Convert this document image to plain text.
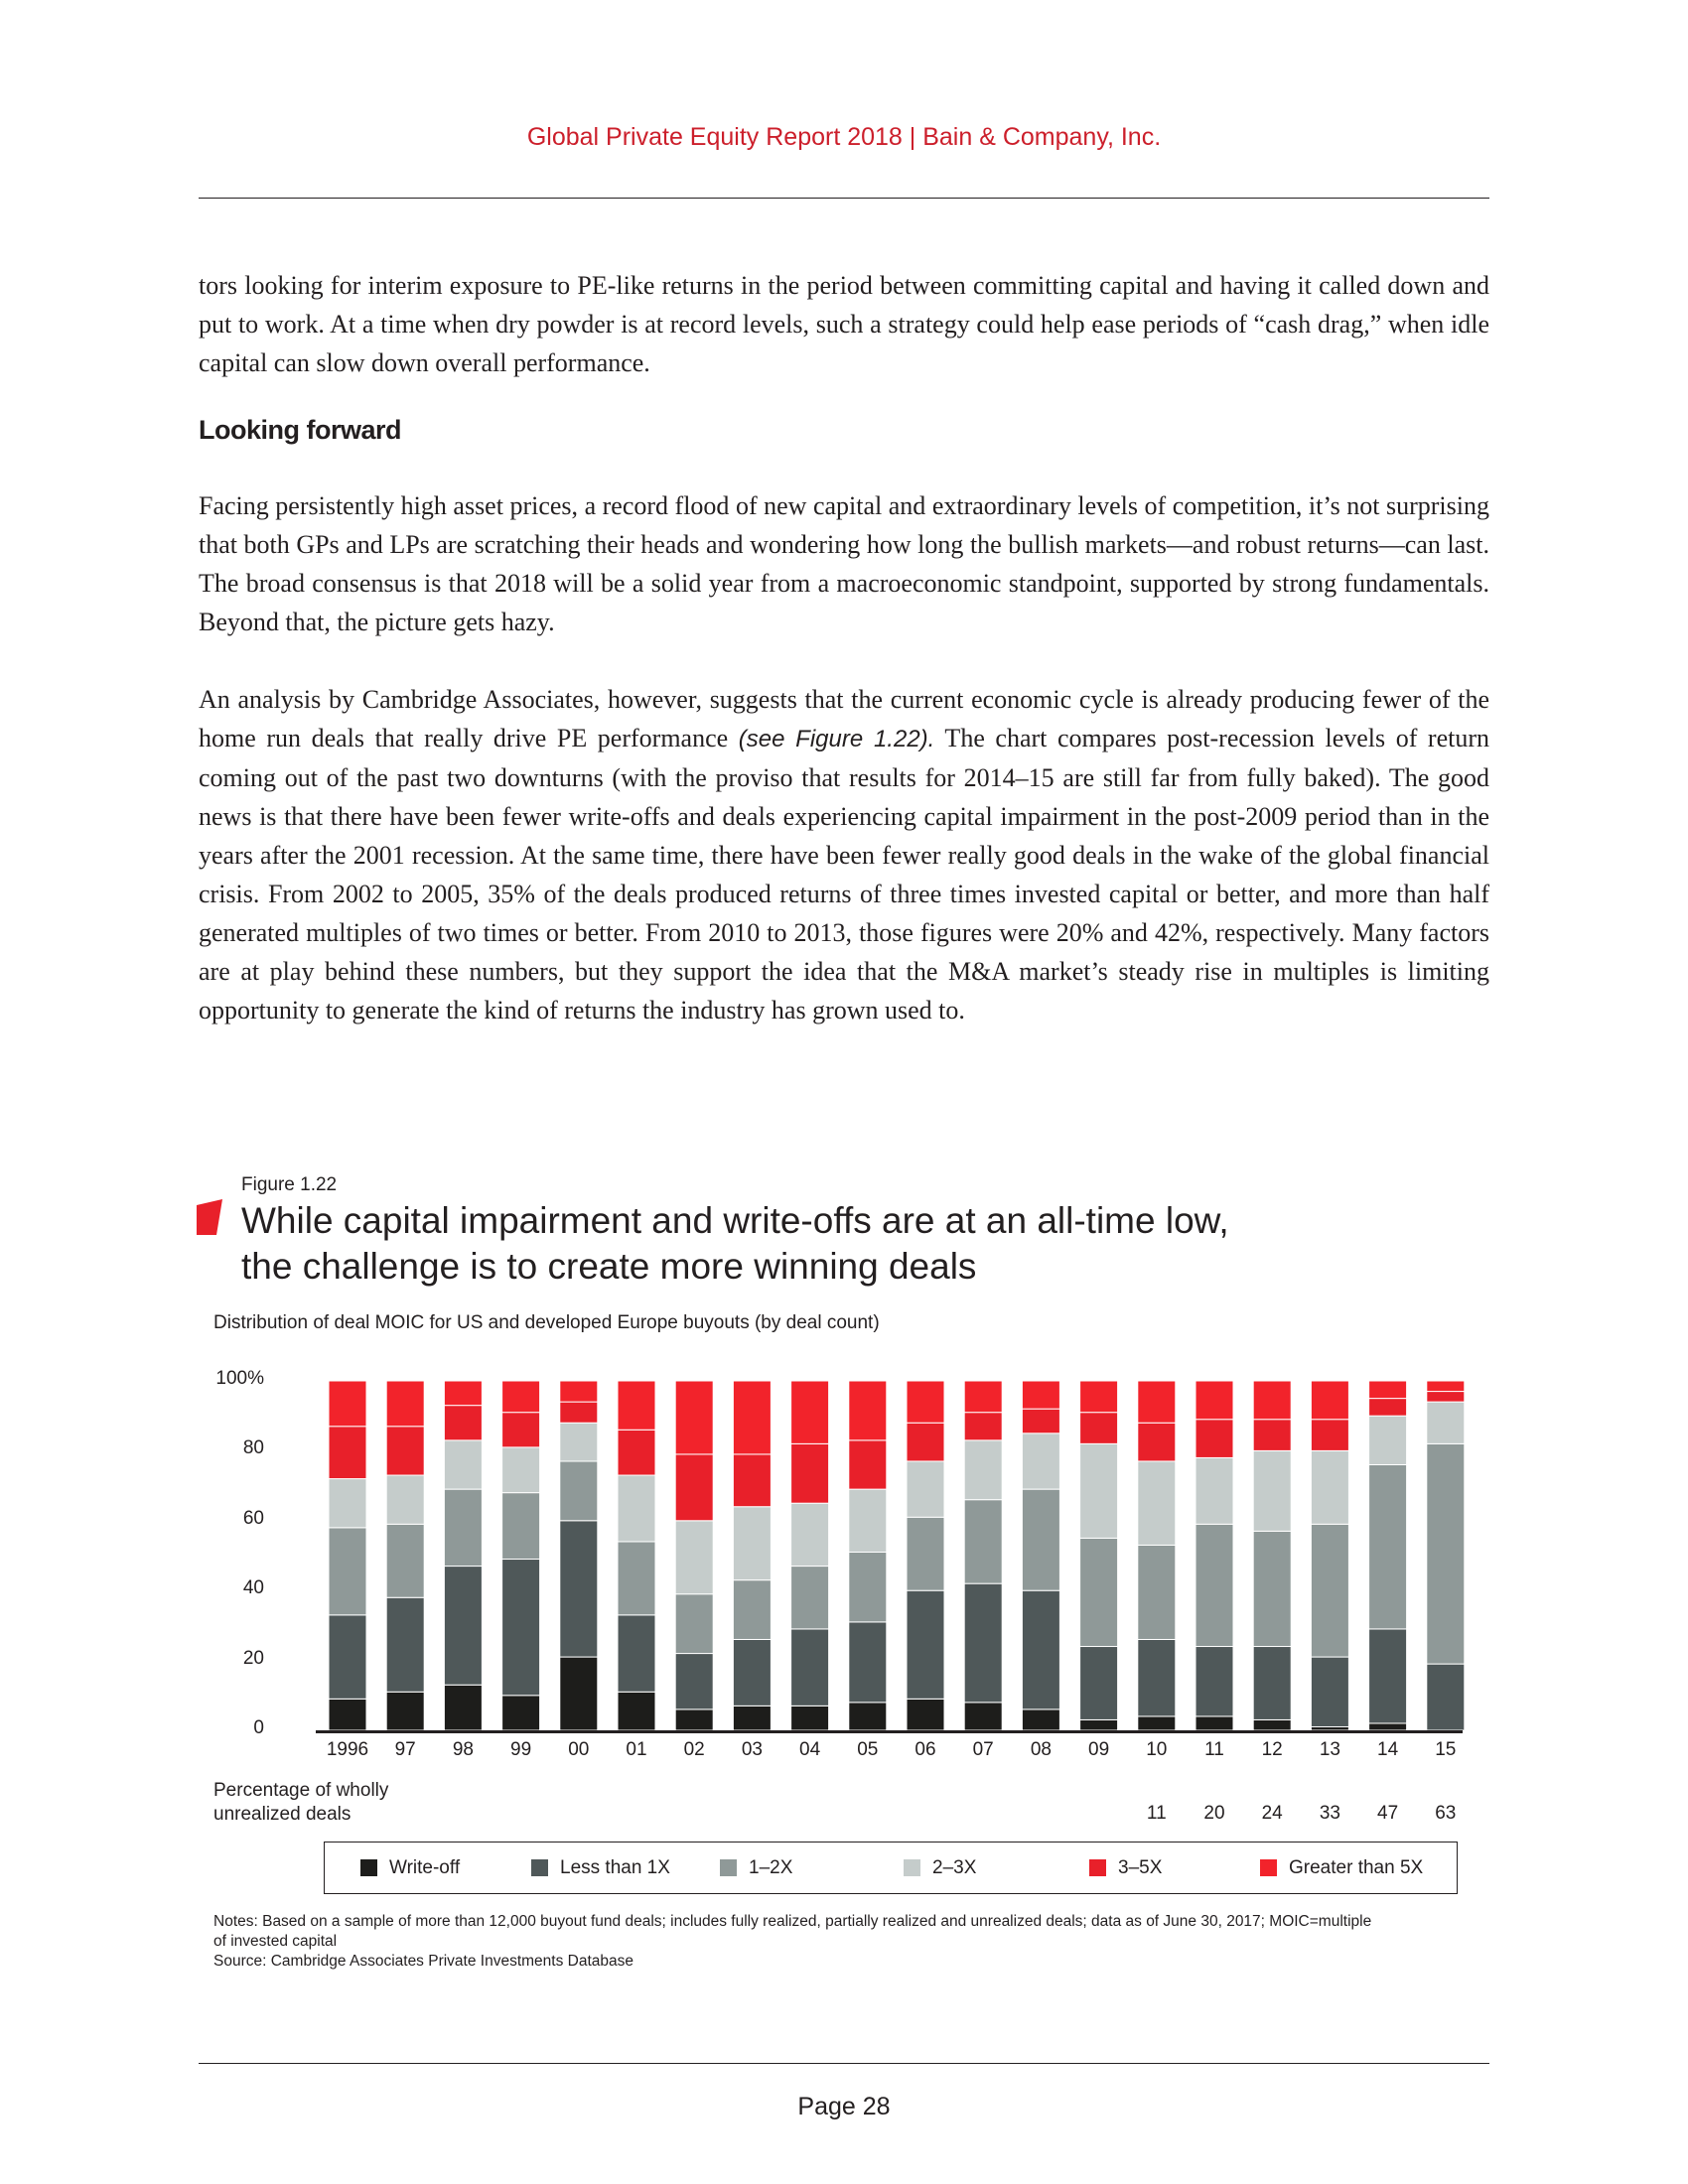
Global Private Equity Report 2018 | Bain & Company, Inc.

tors looking for interim exposure to PE-like returns in the period between committing capital and having it called down and put to work. At a time when dry powder is at record levels, such a strategy could help ease periods of “cash drag,” when idle capital can slow down overall performance.

Looking forward

Facing persistently high asset prices, a record flood of new capital and extraordinary levels of competition, it’s not surprising that both GPs and LPs are scratching their heads and wondering how long the bullish markets—and robust returns—can last. The broad consensus is that 2018 will be a solid year from a macroeconomic standpoint, supported by strong fundamentals. Beyond that, the picture gets hazy.

An analysis by Cambridge Associates, however, suggests that the current economic cycle is already producing fewer of the home run deals that really drive PE performance (see Figure 1.22). The chart compares post-recession levels of return coming out of the past two downturns (with the proviso that results for 2014–15 are still far from fully baked). The good news is that there have been fewer write-offs and deals experiencing capital impairment in the post-2009 period than in the years after the 2001 recession. At the same time, there have been fewer really good deals in the wake of the global financial crisis. From 2002 to 2005, 35% of the deals produced returns of three times invested capital or better, and more than half generated multiples of two times or better. From 2010 to 2013, those figures were 20% and 42%, respectively. Many factors are at play behind these numbers, but they support the idea that the M&A market’s steady rise in multiples is limiting opportunity to generate the kind of returns the industry has grown used to.

Figure 1.22
While capital impairment and write-offs are at an all-time low,
the challenge is to create more winning deals
Distribution of deal MOIC for US and developed Europe buyouts (by deal count)
100%
80
60
40
20
0
1996	97	98	99	00	01	02	03	04	05	06	07	08	09	10	11	12	13	14	15
Percentage of wholly
unrealized deals	11	20	24	33	47	63
Write-off	Less than 1X	1–2X	2–3X	3–5X	Greater than 5X
Notes: Based on a sample of more than 12,000 buyout fund deals; includes fully realized, partially realized and unrealized deals; data as of June 30, 2017; MOIC=multiple
of invested capital
Source: Cambridge Associates Private Investments Database
Page 28
